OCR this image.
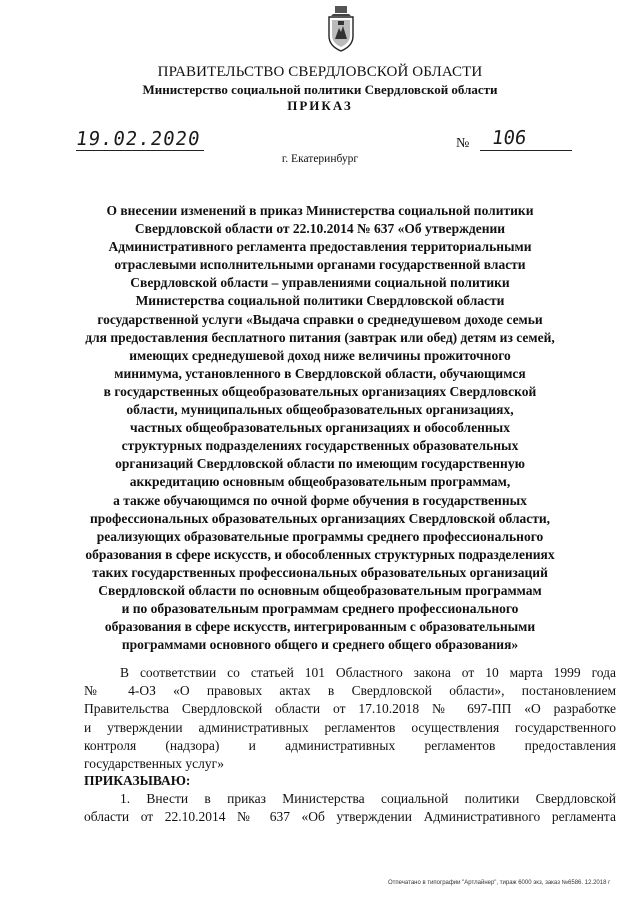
ПРАВИТЕЛЬСТВО СВЕРДЛОВСКОЙ ОБЛАСТИ
Министерство социальной политики Свердловской области
ПРИКАЗ
19.02.2020	№ 106
г. Екатеринбург

О внесении изменений в приказ Министерства социальной политики
Свердловской области от 22.10.2014 № 637 «Об утверждении
Административного регламента предоставления территориальными
отраслевыми исполнительными органами государственной власти
Свердловской области – управлениями социальной политики
Министерства социальной политики Свердловской области
государственной услуги «Выдача справки о среднедушевом доходе семьи
для предоставления бесплатного питания (завтрак или обед) детям из семей,
имеющих среднедушевой доход ниже величины прожиточного
минимума, установленного в Свердловской области, обучающимся
в государственных общеобразовательных организациях Свердловской
области, муниципальных общеобразовательных организациях,
частных общеобразовательных организациях и обособленных
структурных подразделениях государственных образовательных
организаций Свердловской области по имеющим государственную
аккредитацию основным общеобразовательным программам,
а также обучающимся по очной форме обучения в государственных
профессиональных образовательных организациях Свердловской области,
реализующих образовательные программы среднего профессионального
образования в сфере искусств, и обособленных структурных подразделениях
таких государственных профессиональных образовательных организаций
Свердловской области по основным общеобразовательным программам
и по образовательным программам среднего профессионального
образования в сфере искусств, интегрированным с образовательными
программами основного общего и среднего общего образования»

В соответствии со статьей 101 Областного закона от 10 марта 1999 года
№ 4-ОЗ «О правовых актах в Свердловской области», постановлением
Правительства Свердловской области от 17.10.2018 № 697-ПП «О разработке
и утверждении административных регламентов осуществления государственного
контроля (надзора) и административных регламентов предоставления
государственных услуг»

ПРИКАЗЫВАЮ:

1. Внести в приказ Министерства социальной политики Свердловской
области от 22.10.2014 № 637 «Об утверждении Административного регламента

Отпечатано в типографии "Артлайнер", тираж 6000 экз, заказ №6586. 12.2018 г
